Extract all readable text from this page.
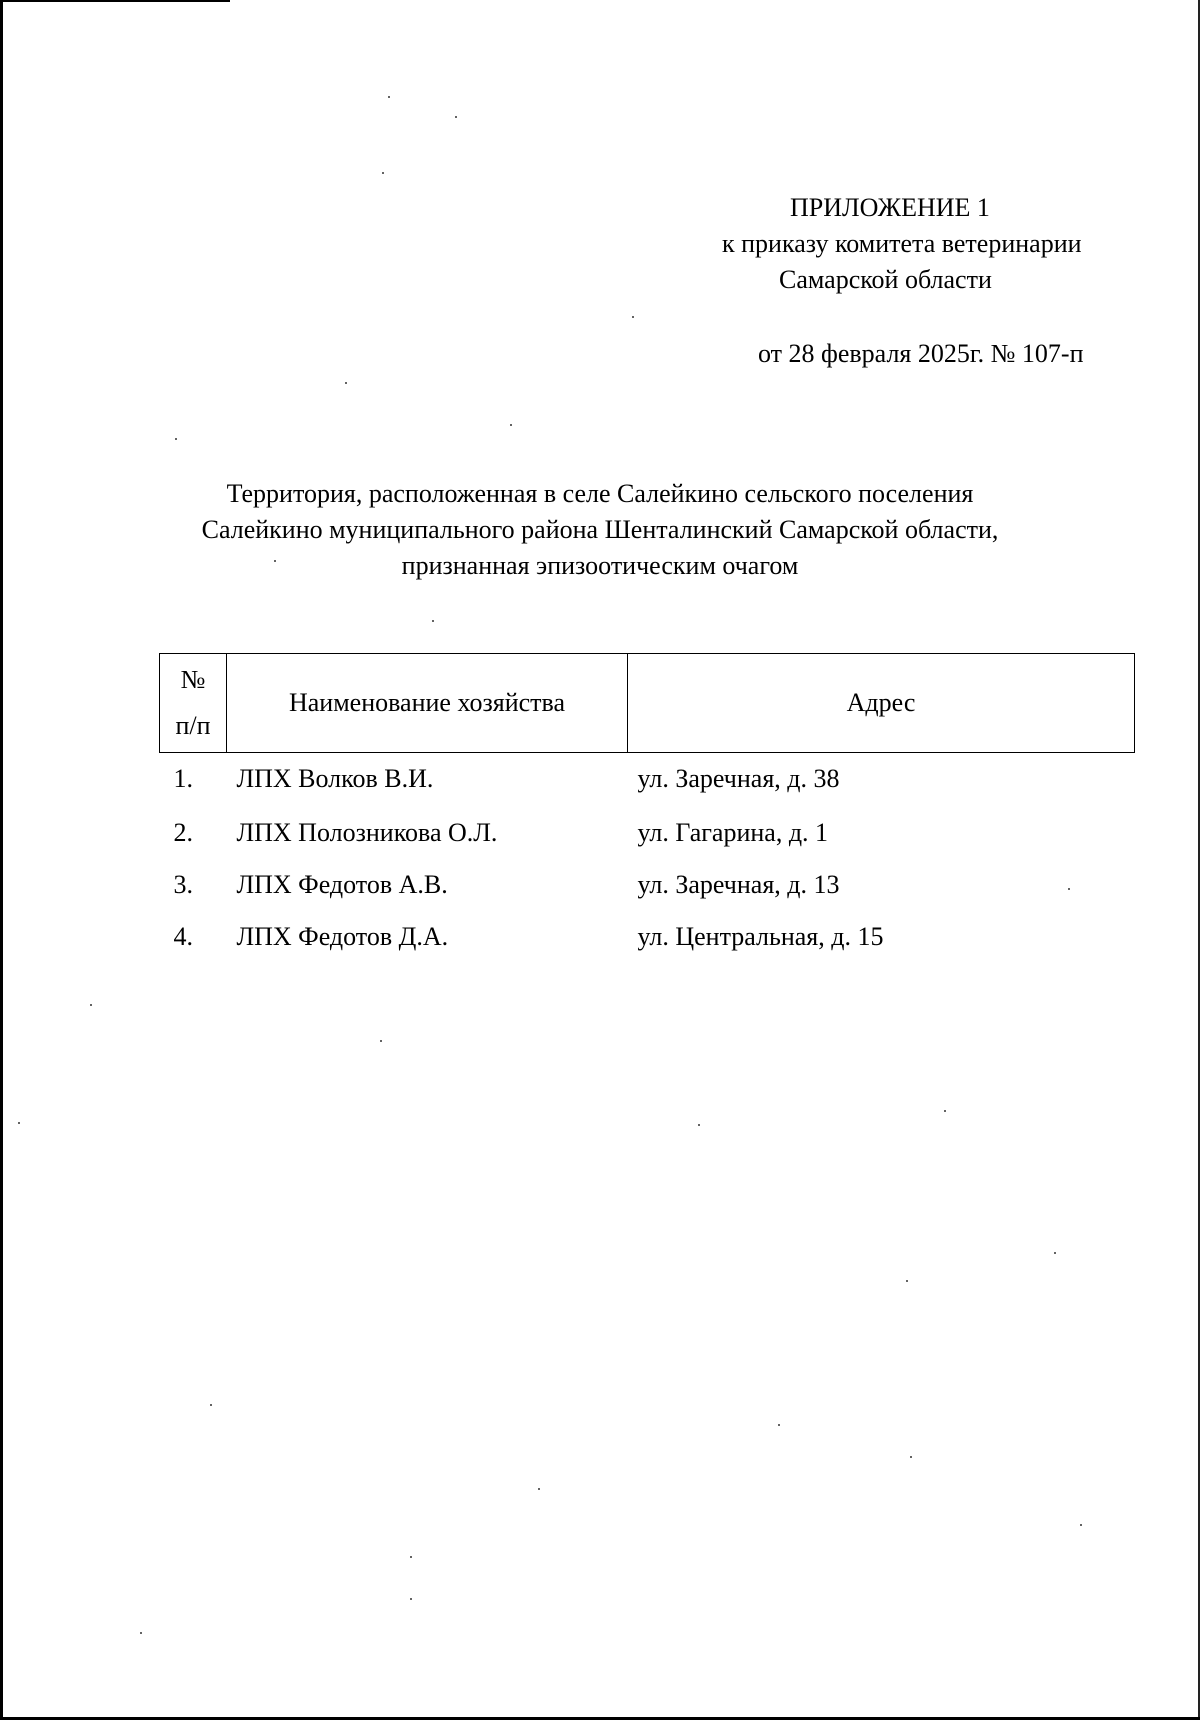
ПРИЛОЖЕНИЕ 1
к приказу комитета ветеринарии
Самарской области
от 28 февраля 2025г. № 107-п
Территория, расположенная в селе Салейкино сельского поселения
Салейкино муниципального района Шенталинский Самарской области,
признанная эпизоотическим очагом
№
п/п	Наименование хозяйства	Адрес
1.	ЛПХ Волков В.И.	ул. Заречная, д. 38
2.	ЛПХ Полозникова О.Л.	ул. Гагарина, д. 1
3.	ЛПХ Федотов А.В.	ул. Заречная, д. 13
4.	ЛПХ Федотов Д.А.	ул. Центральная, д. 15
